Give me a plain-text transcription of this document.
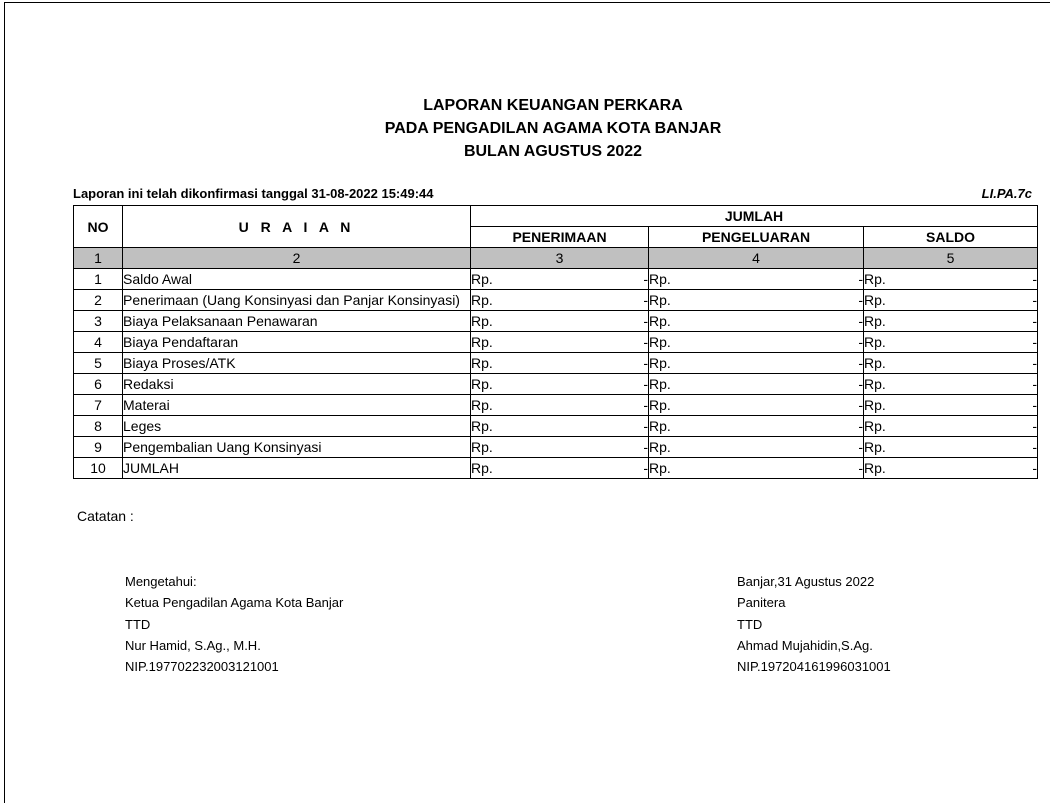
LAPORAN KEUANGAN PERKARA
PADA PENGADILAN AGAMA KOTA BANJAR
BULAN AGUSTUS 2022
Laporan ini telah dikonfirmasi tanggal 31-08-2022 15:49:44	LI.PA.7c
NO	U R A I A N	JUMLAH		
		PENERIMAAN	PENGELUARAN	SALDO
1	2	3	4	5
1	Saldo Awal	Rp. -	Rp. -	Rp. -

2	Penerimaan (Uang Konsinyasi dan Panjar Konsinyasi)	Rp. -	Rp. -	Rp. -

3	Biaya Pelaksanaan Penawaran	Rp. -	Rp. -	Rp. -

4	Biaya Pendaftaran	Rp. -	Rp. -	Rp. -

5	Biaya Proses/ATK	Rp. -	Rp. -	Rp. -

6	Redaksi	Rp. -	Rp. -	Rp. -

7	Materai	Rp. -	Rp. -	Rp. -

8	Leges	Rp. -	Rp. -	Rp. -

9	Pengembalian Uang Konsinyasi	Rp. -	Rp. -	Rp. -

10	JUMLAH	Rp. -	Rp. -	Rp. -
Catatan :
Mengetahui:
Ketua Pengadilan Agama Kota Banjar
TTD
Nur Hamid, S.Ag., M.H.
NIP.197702232003121001
Banjar,31 Agustus 2022
Panitera
TTD
Ahmad Mujahidin,S.Ag.
NIP.197204161996031001
